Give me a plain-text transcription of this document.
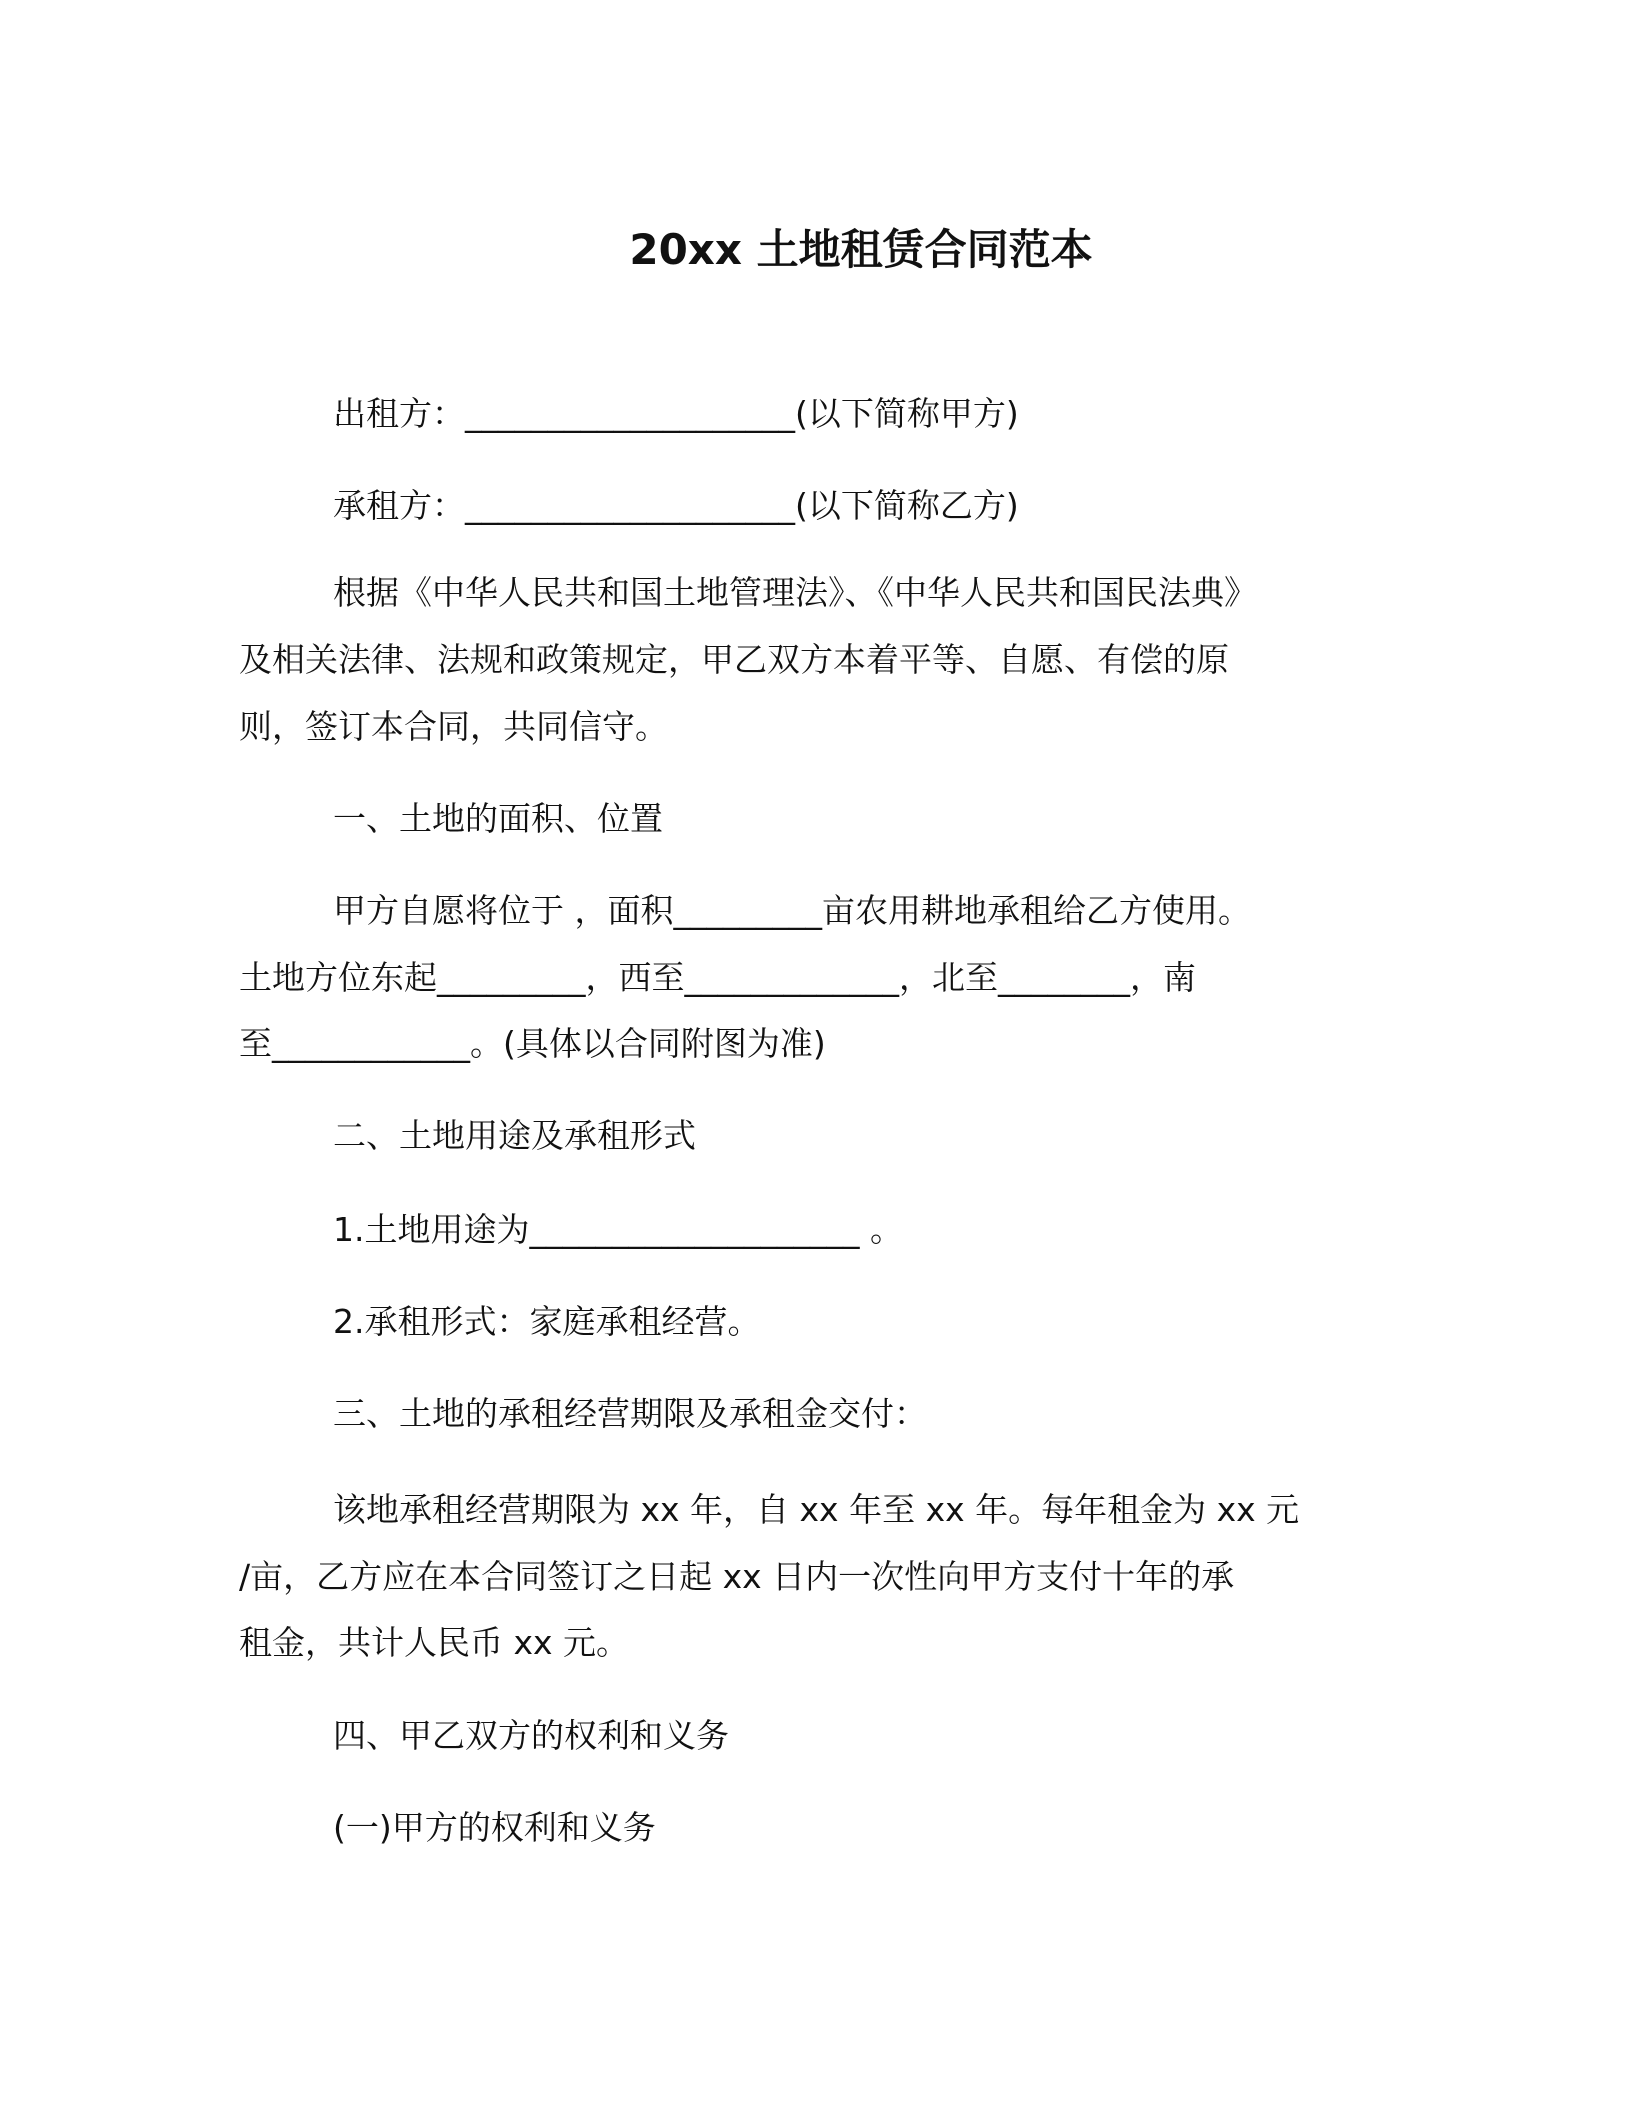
20xx 土地租赁合同范本
出租方：____________________(以下简称甲方)
承租方：____________________(以下简称乙方)
根据《中华人民共和国土地管理法》、《中华人民共和国民法典》
及相关法律、法规和政策规定，甲乙双方本着平等、自愿、有偿的原
则，签订本合同，共同信守。
一、土地的面积、位置
甲方自愿将位于 ，面积_________亩农用耕地承租给乙方使用。
土地方位东起_________，西至_____________，北至________，南
至____________。(具体以合同附图为准)
二、土地用途及承租形式
1.土地用途为____________________ 。
2.承租形式：家庭承租经营。
三、土地的承租经营期限及承租金交付：
该地承租经营期限为 xx 年，自 xx 年至 xx 年。每年租金为 xx 元
/亩，乙方应在本合同签订之日起 xx 日内一次性向甲方支付十年的承
租金，共计人民币 xx 元。
四、甲乙双方的权利和义务
(一)甲方的权利和义务
